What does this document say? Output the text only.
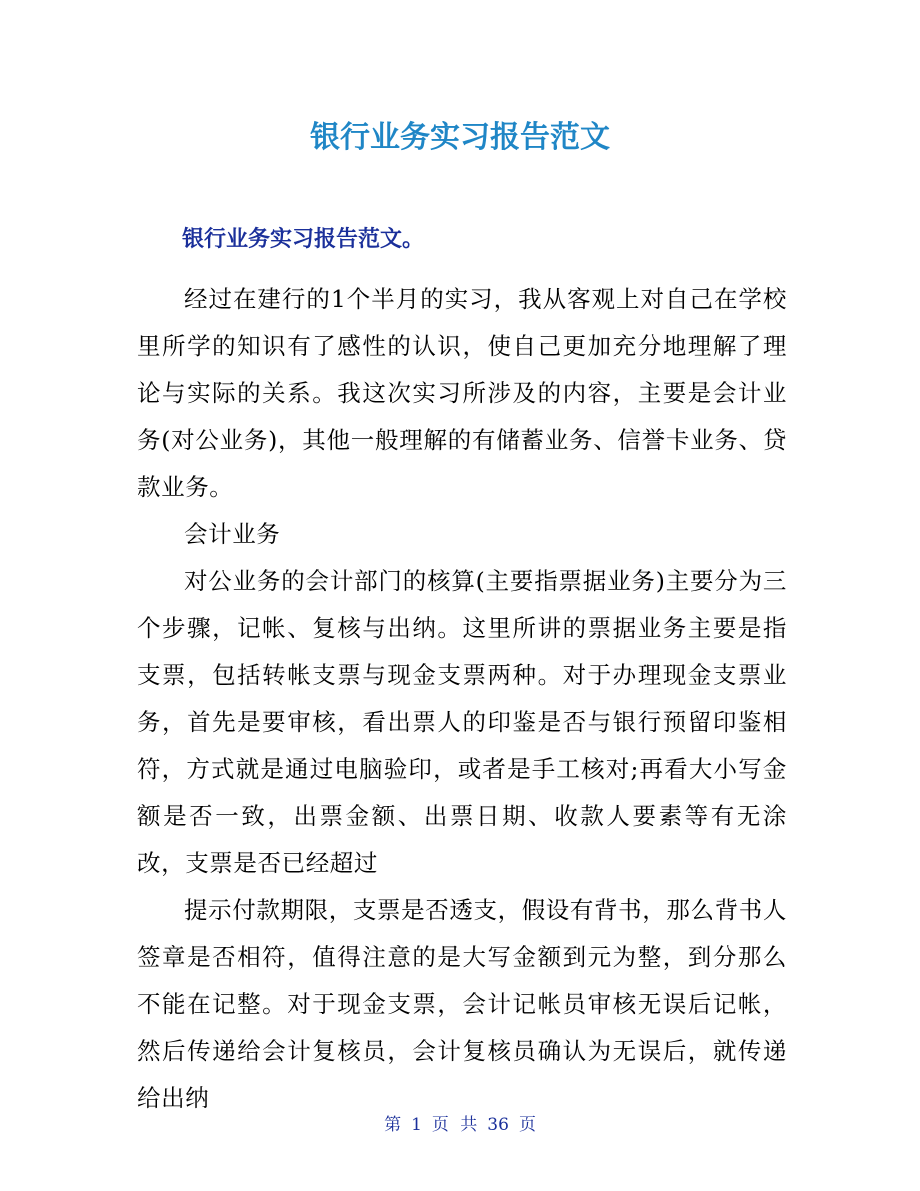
银行业务实习报告范文
银行业务实习报告范文。

经过在建行的1个半月的实习，我从客观上对自己在学校里所学的知识有了感性的认识，使自己更加充分地理解了理论与实际的关系。我这次实习所涉及的内容，主要是会计业务(对公业务)，其他一般理解的有储蓄业务、信誉卡业务、贷款业务。

会计业务

对公业务的会计部门的核算(主要指票据业务)主要分为三个步骤，记帐、复核与出纳。这里所讲的票据业务主要是指支票，包括转帐支票与现金支票两种。对于办理现金支票业务，首先是要审核，看出票人的印鉴是否与银行预留印鉴相符，方式就是通过电脑验印，或者是手工核对;再看大小写金额是否一致，出票金额、出票日期、收款人要素等有无涂改，支票是否已经超过

提示付款期限，支票是否透支，假设有背书，那么背书人签章是否相符，值得注意的是大写金额到元为整，到分那么不能在记整。对于现金支票，会计记帐员审核无误后记帐，然后传递给会计复核员，会计复核员确认为无误后，就传递给出纳

第 1 页 共 36 页
